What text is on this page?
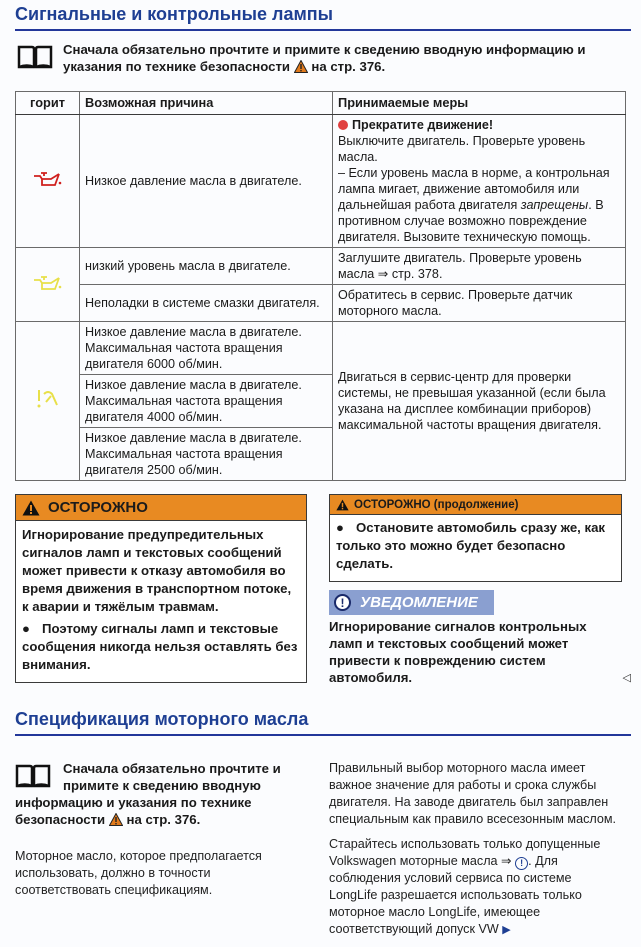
Сигнальные и контрольные лампы
Сначала обязательно прочтите и примите к сведению вводную информацию и указания по технике безопасности на стр. 376.
горит	Возможная причина	Принимаемые меры
	Низкое давление масла в двигателе.	Прекратите движение!
Выключите двигатель. Проверьте уровень масла.
– Если уровень масла в норме, а контрольная лампа мигает, движение автомобиля или дальнейшая работа двигателя запрещены. В противном случае возможно повреждение двигателя. Вызовите техническую помощь.

	низкий уровень масла в двигателе.	Заглушите двигатель. Проверьте уровень масла ⇒ стр. 378.
	Неполадки в системе смазки двигателя.	Обратитесь в сервис. Проверьте датчик моторного масла.
	Низкое давление масла в двигателе. Максимальная частота вращения двигателя 6000 об/мин.	Двигаться в сервис-центр для проверки системы, не превышая указанной (если была указана на дисплее комбинации приборов) максимальной частоты вращения двигателя.
	Низкое давление масла в двигателе. Максимальная частота вращения двигателя 4000 об/мин.	
	Низкое давление масла в двигателе. Максимальная частота вращения двигателя 2500 об/мин.	
ОСТОРОЖНО

Игнорирование предупредительных сигналов ламп и текстовых сообщений может привести к отказу автомобиля во время движения в транспортном потоке, к аварии и тяжёлым травмам.

● Поэтому сигналы ламп и текстовые сообщения никогда нельзя оставлять без внимания.

ОСТОРОЖНО (продолжение)

● Остановите автомобиль сразу же, как только это можно будет безопасно сделать.

!	УВЕДОМЛЕНИЕ
Игнорирование сигналов контрольных ламп и текстовых сообщений может привести к повреждению систем автомобиля.	◁
Спецификация моторного масла
Сначала обязательно прочтите и примите к сведению вводную информацию и указания по технике безопасности на стр. 376.
Моторное масло, которое предполагается использовать, должно в точности соответствовать спецификациям.
Правильный выбор моторного масла имеет важное значение для работы и срока службы двигателя. На заводе двигатель был заправлен специальным как правило всесезонным маслом.
Старайтесь использовать только допущенные Volkswagen моторные масла ⇒ ! . Для соблюдения условий сервиса по системе LongLife разрешается использовать только моторное масло LongLife, имеющее соответствующий допуск VW ▶
